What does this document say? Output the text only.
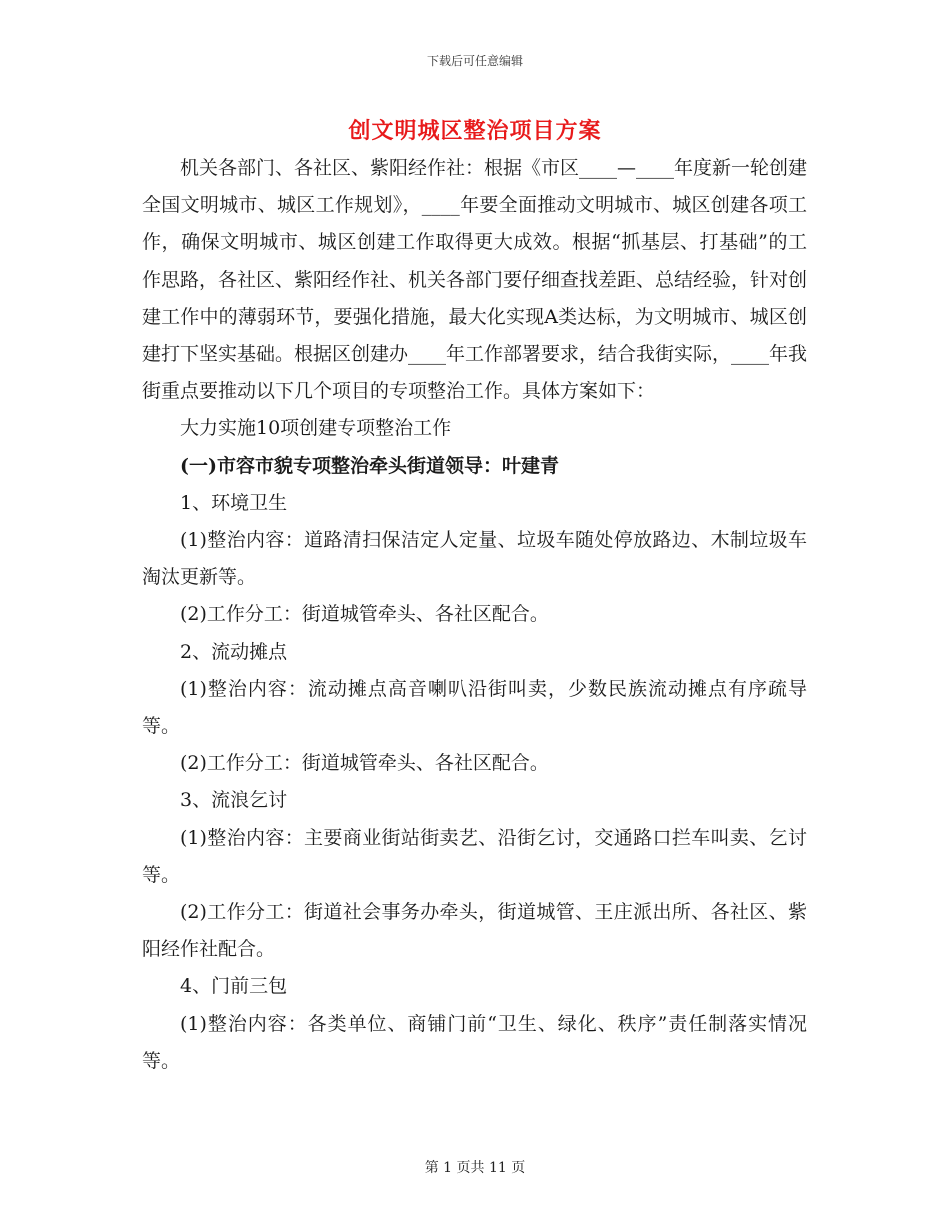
下载后可任意编辑
创文明城区整治项目方案

机关各部门、各社区、紫阳经作社：根据《市区____—____年度新一轮创建全国文明城市、城区工作规划》，____年要全面推动文明城市、城区创建各项工作，确保文明城市、城区创建工作取得更大成效。根据“抓基层、打基础”的工作思路，各社区、紫阳经作社、机关各部门要仔细查找差距、总结经验，针对创建工作中的薄弱环节，要强化措施，最大化实现A类达标，为文明城市、城区创建打下坚实基础。根据区创建办____年工作部署要求，结合我街实际，____年我街重点要推动以下几个项目的专项整治工作。具体方案如下：

大力实施10项创建专项整治工作

(一)市容市貌专项整治牵头街道领导：叶建青

1、环境卫生

(1)整治内容：道路清扫保洁定人定量、垃圾车随处停放路边、木制垃圾车淘汰更新等。

(2)工作分工：街道城管牵头、各社区配合。

2、流动摊点

(1)整治内容：流动摊点高音喇叭沿街叫卖，少数民族流动摊点有序疏导等。

(2)工作分工：街道城管牵头、各社区配合。

3、流浪乞讨

(1)整治内容：主要商业街站街卖艺、沿街乞讨，交通路口拦车叫卖、乞讨等。

(2)工作分工：街道社会事务办牵头，街道城管、王庄派出所、各社区、紫阳经作社配合。

4、门前三包

(1)整治内容：各类单位、商铺门前“卫生、绿化、秩序”责任制落实情况等。

第 1 页共 11 页
